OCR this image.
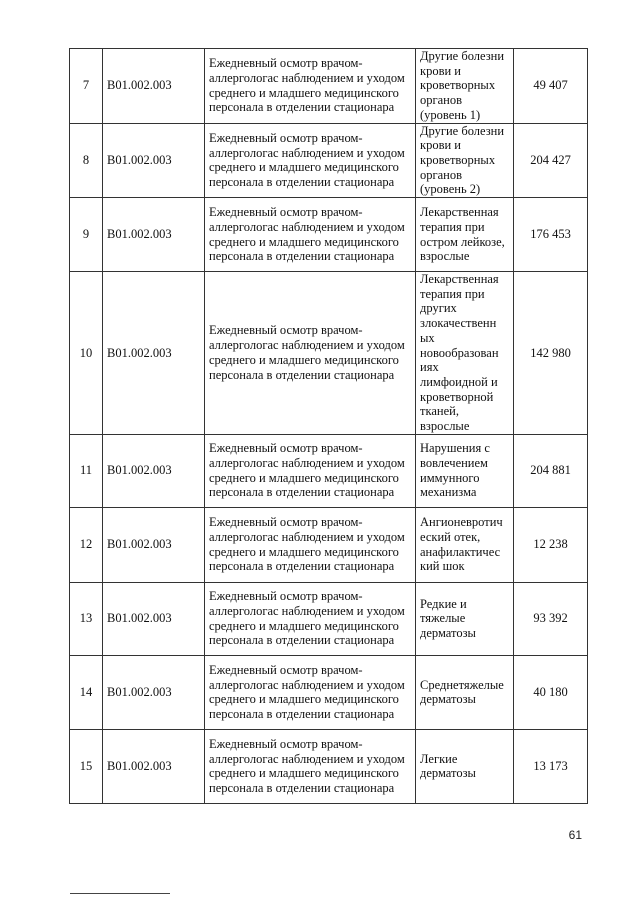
7	B01.002.003	Ежедневный осмотр врачом-аллергологас наблюдением и уходом среднего и младшего медицинского персонала в отделении стационара	Другие болезни крови и кроветворных органов (уровень 1)	49 407
8	B01.002.003	Ежедневный осмотр врачом-аллергологас наблюдением и уходом среднего и младшего медицинского персонала в отделении стационара	Другие болезни крови и кроветворных органов (уровень 2)	204 427
9	B01.002.003	Ежедневный осмотр врачом-аллергологас наблюдением и уходом среднего и младшего медицинского персонала в отделении стационара	Лекарственная терапия при остром лейкозе, взрослые	176 453
10	B01.002.003	Ежедневный осмотр врачом-аллергологас наблюдением и уходом среднего и младшего медицинского персонала в отделении стационара	Лекарственная терапия при других злокачественн ых новообразован иях лимфоидной и кроветворной тканей, взрослые	142 980
11	B01.002.003	Ежедневный осмотр врачом-аллергологас наблюдением и уходом среднего и младшего медицинского персонала в отделении стационара	Нарушения с вовлечением иммунного механизма	204 881
12	B01.002.003	Ежедневный осмотр врачом-аллергологас наблюдением и уходом среднего и младшего медицинского персонала в отделении стационара	Ангионевротич еский отек, анафилактичес кий шок	12 238
13	B01.002.003	Ежедневный осмотр врачом-аллергологас наблюдением и уходом среднего и младшего медицинского персонала в отделении стационара	Редкие и тяжелые дерматозы	93 392
14	B01.002.003	Ежедневный осмотр врачом-аллергологас наблюдением и уходом среднего и младшего медицинского персонала в отделении стационара	Среднетяжелые дерматозы	40 180
15	B01.002.003	Ежедневный осмотр врачом-аллергологас наблюдением и уходом среднего и младшего медицинского персонала в отделении стационара	Легкие дерматозы	13 173
61
